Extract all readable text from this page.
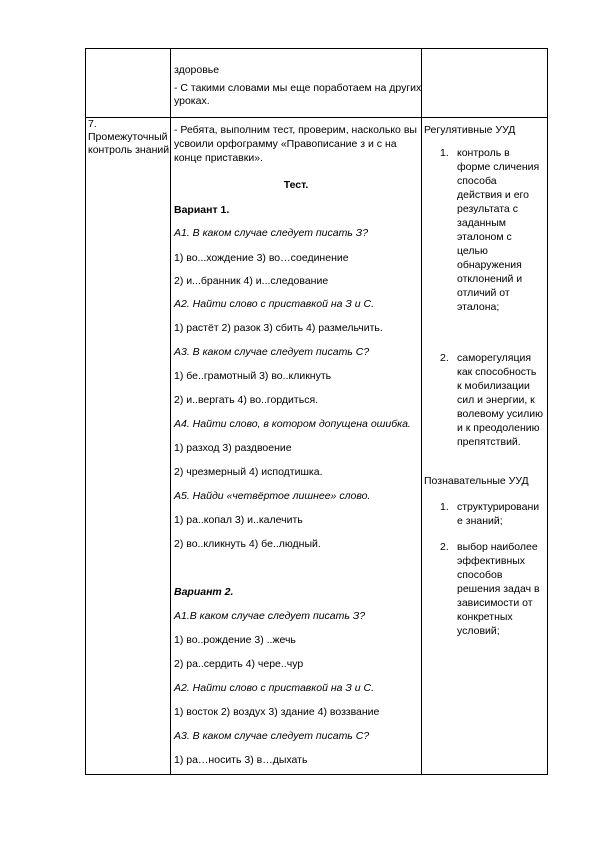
здоровье
- С такими словами мы еще поработаем на других
уроках.
7.
Промежуточный
контроль знаний.
- Ребята, выполним тест, проверим, насколько вы
усвоили орфограмму «Правописание з и с на
конце приставки».
Тест.
Вариант 1.
А1. В каком случае следует писать З?
1) во...хождение 3) во…соединение
2) и...бранник 4) и...следование
А2. Найти слово с приставкой на З и С.
1) растёт 2) разок 3) сбить 4) размельчить.
А3. В каком случае следует писать С?
1) бе..грамотный 3) во..кликнуть
2) и..вергать 4) во..гордиться.
А4. Найти слово, в котором допущена ошибка.
1) разход 3) раздвоение
2) чрезмерный 4) исподтишка.
А5. Найди «четвёртое лишнее» слово.
1) ра..копал 3) и..калечить
2) во..кликнуть 4) бе..людный.
Вариант 2.
А1.В каком случае следует писать З?
1) во..рождение 3) ..жечь
2) ра..сердить 4) чере..чур
А2. Найти слово с приставкой на З и С.
1) восток 2) воздух 3) здание 4) воззвание
А3. В каком случае следует писать С?
1) ра…носить 3) в…дыхать
Регулятивные УУД
1. контроль в
форме сличения
способа
действия и его
результата с
заданным
эталоном с
целью
обнаружения
отклонений и
отличий от
эталона;
2. саморегуляция
как способность
к мобилизации
сил и энергии, к
волевому усилию
и к преодолению
препятствий.
Познавательные УУД
1. структурировани
е знаний;
2. выбор наиболее
эффективных
способов
решения задач в
зависимости от
конкретных
условий;
